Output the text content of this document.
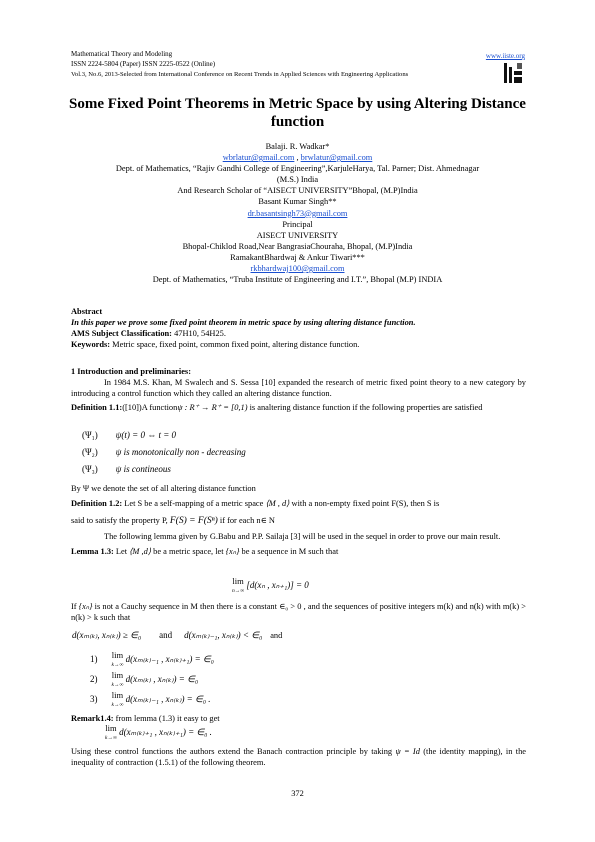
Mathematical Theory and Modeling
ISSN 2224-5804 (Paper) ISSN 2225-0522 (Online)
Vol.3, No.6, 2013-Selected from International Conference on Recent Trends in Applied Sciences with Engineering Applications
www.iiste.org
Some Fixed Point Theorems in Metric Space by using Altering Distance function
Balaji. R. Wadkar*
wbrlatur@gmail.com , brwlatur@gmail.com
Dept. of Mathematics, “Rajiv Gandhi College of Engineering”,KarjuleHarya, Tal. Parner; Dist. Ahmednagar
(M.S.) India
And Research Scholar of “AISECT UNIVERSITY”Bhopal, (M.P)India
Basant Kumar Singh**
dr.basantsingh73@gmail.com
Principal
AISECT UNIVERSITY
Bhopal-Chiklod Road,Near BangrasiaChouraha, Bhopal, (M.P)India
RamakantBhardwaj & Ankur Tiwari***
rkbhardwaj100@gmail.com
Dept. of Mathematics, “Truba Institute of Engineering and I.T.”, Bhopal (M.P) INDIA
Abstract
In this paper we prove some fixed point theorem in metric space by using altering distance function.
AMS Subject Classification: 47H10, 54H25.
Keywords: Metric space, fixed point, common fixed point, altering distance function.
1 Introduction and preliminaries:
In 1984 M.S. Khan, M Swalech and S. Sessa [10] expanded the research of metric fixed point theory to a new category by introducing a control function which they called an altering distance function.
Definition 1.1:([10])A functionψ : R⁺ → R⁺ = [0,1) is analtering distance function if the following properties are satisfied
(Ψ₁) ψ(t) = 0 ⇔ t = 0
(Ψ₂) ψ is monotonically non - decreasing
(Ψ₃) ψ is contineous
By Ψ we denote the set of all altering distance function
Definition 1.2: Let S be a self-mapping of a metric space ⟨M , d⟩ with a non-empty fixed point F(S), then S is
said to satisfy the property P, F(S) = F(Sⁿ) if for each n∈ N
The following lemma given by G.Babu and P.P. Sailaja [3] will be used in the sequel in order to prove our main result.
Lemma 1.3: Let ⟨M ,d⟩ be a metric space, let {xₙ} be a sequence in M such that
lim
n→∞ [d(xₙ , xₙ₊₁)] = 0
If {xₙ} is not a Cauchy sequence in M then there is a constant ∈₀ > 0 , and the sequences of positive integers m(k) and n(k) with m(k) > n(k) > k such that
d(xₘ₍ₖ₎, xₙ₍ₖ₎) ≥ ∈₀ and d(xₘ₍ₖ₎₋₁, xₙ₍ₖ₎) < ∈₀ and
1) lim
k→∞ d(xₘ₍ₖ₎₋₁ , xₙ₍ₖ₎₊₁) = ∈₀
2) lim
k→∞ d(xₘ₍ₖ₎ , xₙ₍ₖ₎) = ∈₀
3) lim
k→∞ d(xₘ₍ₖ₎₋₁ , xₙ₍ₖ₎) = ∈₀ .
Remark1.4: from lemma (1.3) it easy to get
lim
k→∞ d(xₘ₍ₖ₎₊₁ , xₙ₍ₖ₎₊₁) = ∈₀ .
Using these control functions the authors extend the Banach contraction principle by taking ψ = Id (the identity mapping), in the inequality of contraction (1.5.1) of the following theorem.
372
